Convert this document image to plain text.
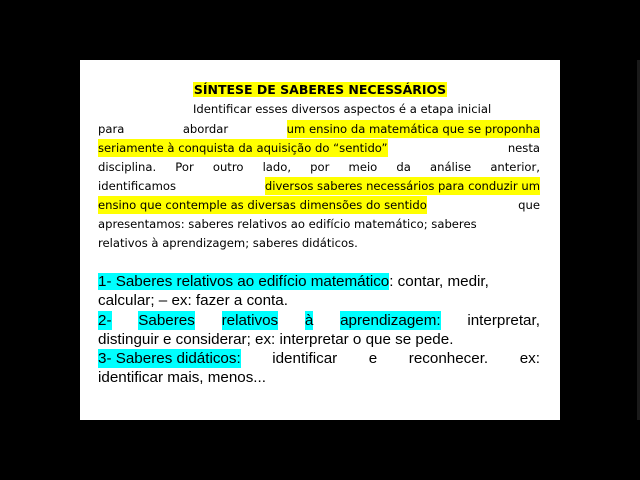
SÍNTESE DE SABERES NECESSÁRIOS
Identificar esses diversos aspectos é a etapa inicial
para	abordar	um ensino da matemática que se proponha
seriamente à conquista da aquisição do “sentido”	nesta
disciplina. Por outro lado, por meio da análise anterior,
identificamos	diversos saberes necessários para conduzir um
ensino que contemple as diversas dimensões do sentido	que
apresentamos: saberes relativos ao edifício matemático; saberes
relativos à aprendizagem; saberes didáticos.
1- Saberes relativos ao edifício matemático: contar, medir,
calcular; – ex: fazer a conta.
2- Saberes relativos à aprendizagem: interpretar,
distinguir e considerar; ex: interpretar o que se pede.
3- Saberes didáticos: identificar e reconhecer. ex:
identificar mais, menos...
